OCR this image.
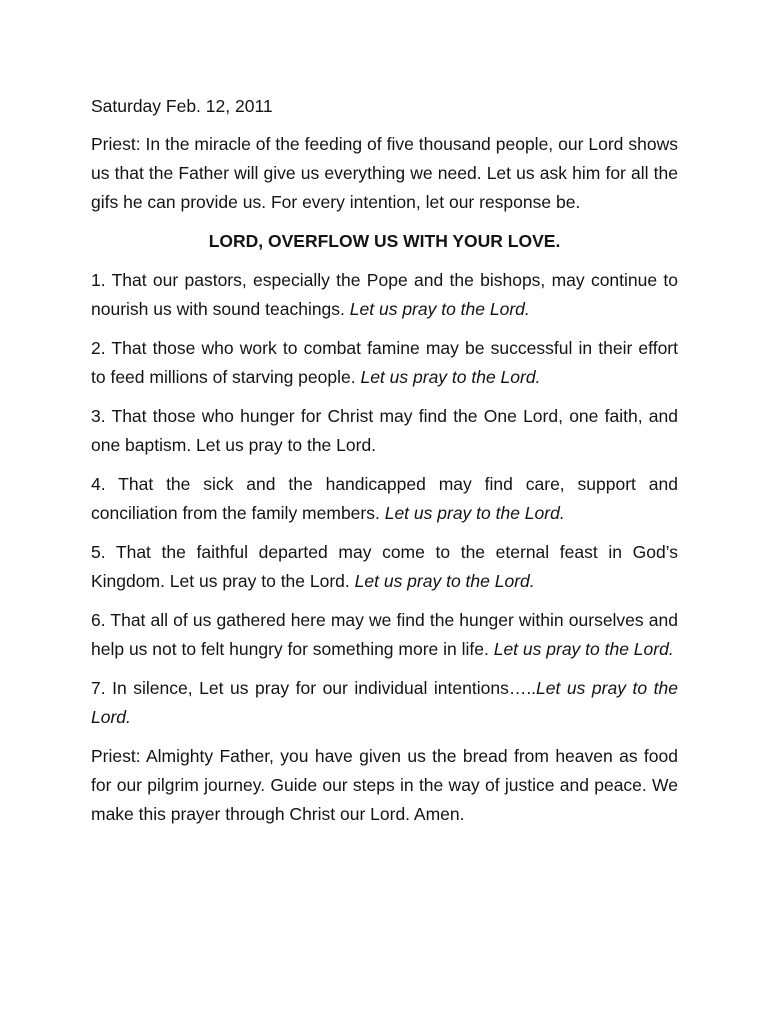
Saturday Feb. 12, 2011
Priest: In the miracle of the feeding of five thousand people, our Lord shows us that the Father will give us everything we need. Let us ask him for all the gifs he can provide us. For every intention, let our response be.
LORD, OVERFLOW US WITH YOUR LOVE.
1. That our pastors, especially the Pope and the bishops, may continue to nourish us with sound teachings. Let us pray to the Lord.
2. That those who work to combat famine may be successful in their effort to feed millions of starving people. Let us pray to the Lord.
3. That those who hunger for Christ may find the One Lord, one faith, and one baptism. Let us pray to the Lord.
4. That the sick and the handicapped may find care, support and conciliation from the family members. Let us pray to the Lord.
5. That the faithful departed may come to the eternal feast in God’s Kingdom. Let us pray to the Lord. Let us pray to the Lord.
6. That all of us gathered here may we find the hunger within ourselves and help us not to felt hungry for something more in life. Let us pray to the Lord.
7. In silence, Let us pray for our individual intentions…..Let us pray to the Lord.
Priest: Almighty Father, you have given us the bread from heaven as food for our pilgrim journey. Guide our steps in the way of justice and peace. We make this prayer through Christ our Lord. Amen.
